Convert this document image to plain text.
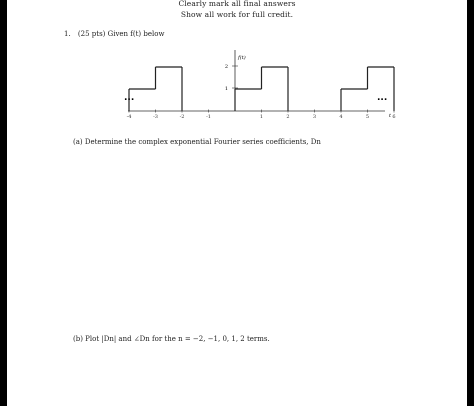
Clearly mark all final answers
Show all work for full credit.
1. (25 pts) Given f(t) below
1
2
f(t)
-4	-3	-2	-1	1	2	3	4	5	6
t
...	...
(a) Determine the complex exponential Fourier series coefficients, Dn
(b) Plot |Dn| and ∠Dn for the n = −2, −1, 0, 1, 2 terms.
